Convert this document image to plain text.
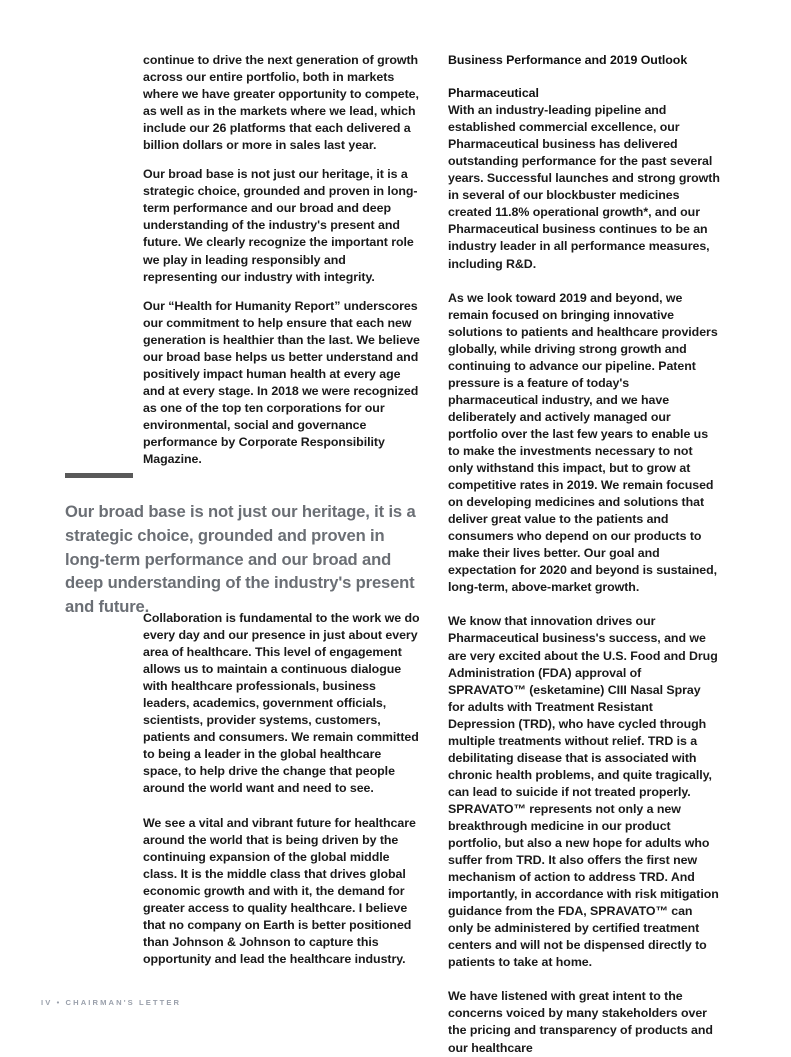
continue to drive the next generation of growth across our entire portfolio, both in markets where we have greater opportunity to compete, as well as in the markets where we lead, which include our 26 platforms that each delivered a billion dollars or more in sales last year.

Our broad base is not just our heritage, it is a strategic choice, grounded and proven in long-term performance and our broad and deep understanding of the industry's present and future. We clearly recognize the important role we play in leading responsibly and representing our industry with integrity.

Our “Health for Humanity Report” underscores our commitment to help ensure that each new generation is healthier than the last. We believe our broad base helps us better understand and positively impact human health at every age and at every stage. In 2018 we were recognized as one of the top ten corporations for our environmental, social and governance performance by Corporate Responsibility Magazine.

Our broad base is not just our heritage, it is a strategic choice, grounded and proven in long-term performance and our broad and deep understanding of the industry's present and future.

Collaboration is fundamental to the work we do every day and our presence in just about every area of healthcare. This level of engagement allows us to maintain a continuous dialogue with healthcare professionals, business leaders, academics, government officials, scientists, provider systems, customers, patients and consumers. We remain committed to being a leader in the global healthcare space, to help drive the change that people around the world want and need to see.

We see a vital and vibrant future for healthcare around the world that is being driven by the continuing expansion of the global middle class. It is the middle class that drives global economic growth and with it, the demand for greater access to quality healthcare. I believe that no company on Earth is better positioned than Johnson & Johnson to capture this opportunity and lead the healthcare industry.

Business Performance and 2019 Outlook
Pharmaceutical

With an industry-leading pipeline and established commercial excellence, our Pharmaceutical business has delivered outstanding performance for the past several years. Successful launches and strong growth in several of our blockbuster medicines created 11.8% operational growth*, and our Pharmaceutical business continues to be an industry leader in all performance measures, including R&D.

As we look toward 2019 and beyond, we remain focused on bringing innovative solutions to patients and healthcare providers globally, while driving strong growth and continuing to advance our pipeline. Patent pressure is a feature of today's pharmaceutical industry, and we have deliberately and actively managed our portfolio over the last few years to enable us to make the investments necessary to not only withstand this impact, but to grow at competitive rates in 2019. We remain focused on developing medicines and solutions that deliver great value to the patients and consumers who depend on our products to make their lives better. Our goal and expectation for 2020 and beyond is sustained, long-term, above-market growth.

We know that innovation drives our Pharmaceutical business's success, and we are very excited about the U.S. Food and Drug Administration (FDA) approval of SPRAVATO™ (esketamine) CIII Nasal Spray for adults with Treatment Resistant Depression (TRD), who have cycled through multiple treatments without relief. TRD is a debilitating disease that is associated with chronic health problems, and quite tragically, can lead to suicide if not treated properly. SPRAVATO™ represents not only a new breakthrough medicine in our product portfolio, but also a new hope for adults who suffer from TRD. It also offers the first new mechanism of action to address TRD. And importantly, in accordance with risk mitigation guidance from the FDA, SPRAVATO™ can only be administered by certified treatment centers and will not be dispensed directly to patients to take at home.

We have listened with great intent to the concerns voiced by many stakeholders over the pricing and transparency of products and our healthcare

IV • CHAIRMAN'S LETTER
